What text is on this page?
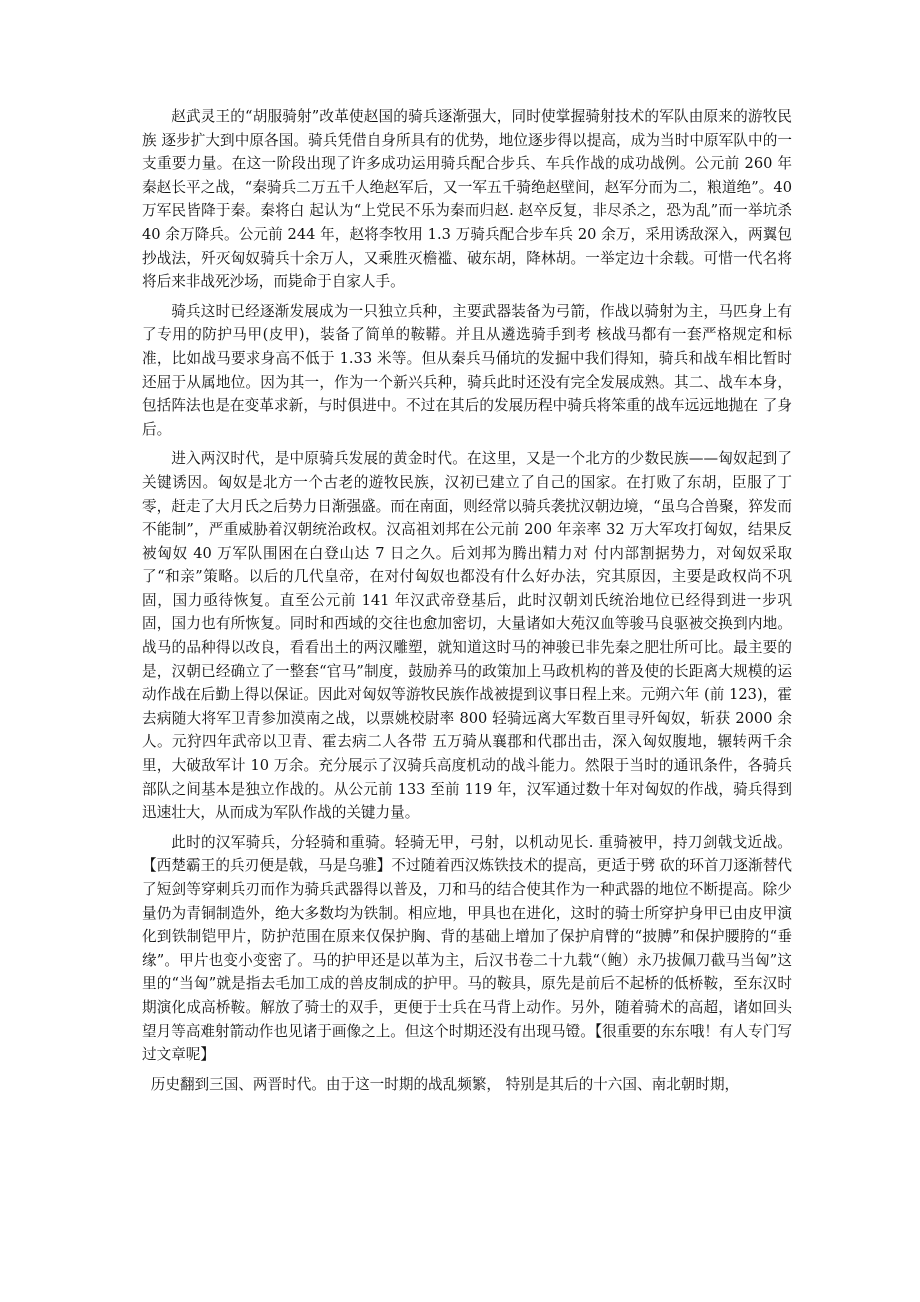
赵武灵王的“胡服骑射”改革使赵国的骑兵逐渐强大，同时使掌握骑射技术的军队由原来的游牧民族 逐步扩大到中原各国。骑兵凭借自身所具有的优势，地位逐步得以提高，成为当时中原军队中的一支重要力量。在这一阶段出现了许多成功运用骑兵配合步兵、车兵作战的成功战例。公元前 260 年秦赵长平之战，“秦骑兵二万五千人绝赵军后，又一军五千骑绝赵壁间，赵军分而为二，粮道绝”。40 万军民皆降于秦。秦将白 起认为“上党民不乐为秦而归赵. 赵卒反复，非尽杀之，恐为乱”而一举坑杀 40 余万降兵。公元前 244 年，赵将李牧用 1.3 万骑兵配合步车兵 20 余万，采用诱敌深入，两翼包抄战法，歼灭匈奴骑兵十余万人，又乘胜灭檐褴、破东胡，降林胡。一举定边十余载。可惜一代名将将后来非战死沙场，而毙命于自家人手。

骑兵这时已经逐渐发展成为一只独立兵种，主要武器装备为弓箭，作战以骑射为主，马匹身上有了专用的防护马甲(皮甲)，装备了简单的鞍鞯。并且从遴选骑手到考 核战马都有一套严格规定和标准，比如战马要求身高不低于 1.33 米等。但从秦兵马俑坑的发掘中我们得知，骑兵和战车相比暂时还屈于从属地位。因为其一，作为一个新兴兵种，骑兵此时还没有完全发展成熟。其二、战车本身，包括阵法也是在变革求新，与时俱进中。不过在其后的发展历程中骑兵将笨重的战车远远地抛在 了身后。

进入两汉时代，是中原骑兵发展的黄金时代。在这里，又是一个北方的少数民族——匈奴起到了关键诱因。匈奴是北方一个古老的遊牧民族，汉初已建立了自己的国家。在打败了东胡，臣服了丁零，赶走了大月氏之后势力日渐强盛。而在南面，则经常以骑兵袭扰汉朝边境，“虽乌合兽聚，猝发而不能制”，严重威胁着汉朝统治政权。汉高祖刘邦在公元前 200 年亲率 32 万大军攻打匈奴，结果反被匈奴 40 万军队围困在白登山达 7 日之久。后刘邦为腾出精力对 付内部割据势力，对匈奴采取了“和亲”策略。以后的几代皇帝，在对付匈奴也都没有什么好办法，究其原因，主要是政权尚不巩固，国力亟待恢复。直至公元前 141 年汉武帝登基后，此时汉朝刘氏统治地位已经得到进一步巩固，国力也有所恢复。同时和西域的交往也愈加密切，大量诸如大苑汉血等骏马良驱被交换到内地。战马的品种得以改良，看看出土的两汉雕塑，就知道这时马的神骏已非先秦之肥壮所可比。最主要的是，汉朝已经确立了一整套“官马”制度，鼓励养马的政策加上马政机构的普及使的长距离大规模的运动作战在后勤上得以保证。因此对匈奴等游牧民族作战被提到议事日程上来。元朔六年 (前 123)，霍去病随大将军卫青参加漠南之战，以票姚校尉率 800 轻骑远离大军数百里寻歼匈奴，斩获 2000 余人。元狩四年武帝以卫青、霍去病二人各带 五万骑从襄郡和代郡出击，深入匈奴腹地，辗转两千余里，大破敌军计 10 万余。充分展示了汉骑兵高度机动的战斗能力。然限于当时的通讯条件，各骑兵部队之间基本是独立作战的。从公元前 133 至前 119 年，汉军通过数十年对匈奴的作战，骑兵得到迅速壮大，从而成为军队作战的关键力量。

此时的汉军骑兵，分轻骑和重骑。轻骑无甲，弓射，以机动见长. 重骑被甲，持刀剑戟戈近战。【西楚霸王的兵刃便是戟，马是乌骓】不过随着西汉炼铁技术的提高，更适于劈 砍的环首刀逐渐替代了短剑等穿刺兵刃而作为骑兵武器得以普及，刀和马的结合使其作为一种武器的地位不断提高。除少量仍为青铜制造外，绝大多数均为铁制。相应地，甲具也在进化，这时的骑士所穿护身甲已由皮甲演化到铁制铠甲片，防护范围在原来仅保护胸、背的基础上增加了保护肩臂的“披膊”和保护腰胯的“垂缘”。甲片也变小变密了。马的护甲还是以革为主，后汉书卷二十九载“（鲍）永乃拔佩刀截马当匈”这里的“当匈”就是指去毛加工成的兽皮制成的护甲。马的鞍具，原先是前后不起桥的低桥鞍，至东汉时期演化成高桥鞍。解放了骑士的双手，更便于士兵在马背上动作。另外，随着骑术的高超，诸如回头望月等高难射箭动作也见诸于画像之上。但这个时期还没有出现马镫。【很重要的东东哦！有人专门写过文章呢】

历史翻到三国、两晋时代。由于这一时期的战乱频繁， 特别是其后的十六国、南北朝时期，
